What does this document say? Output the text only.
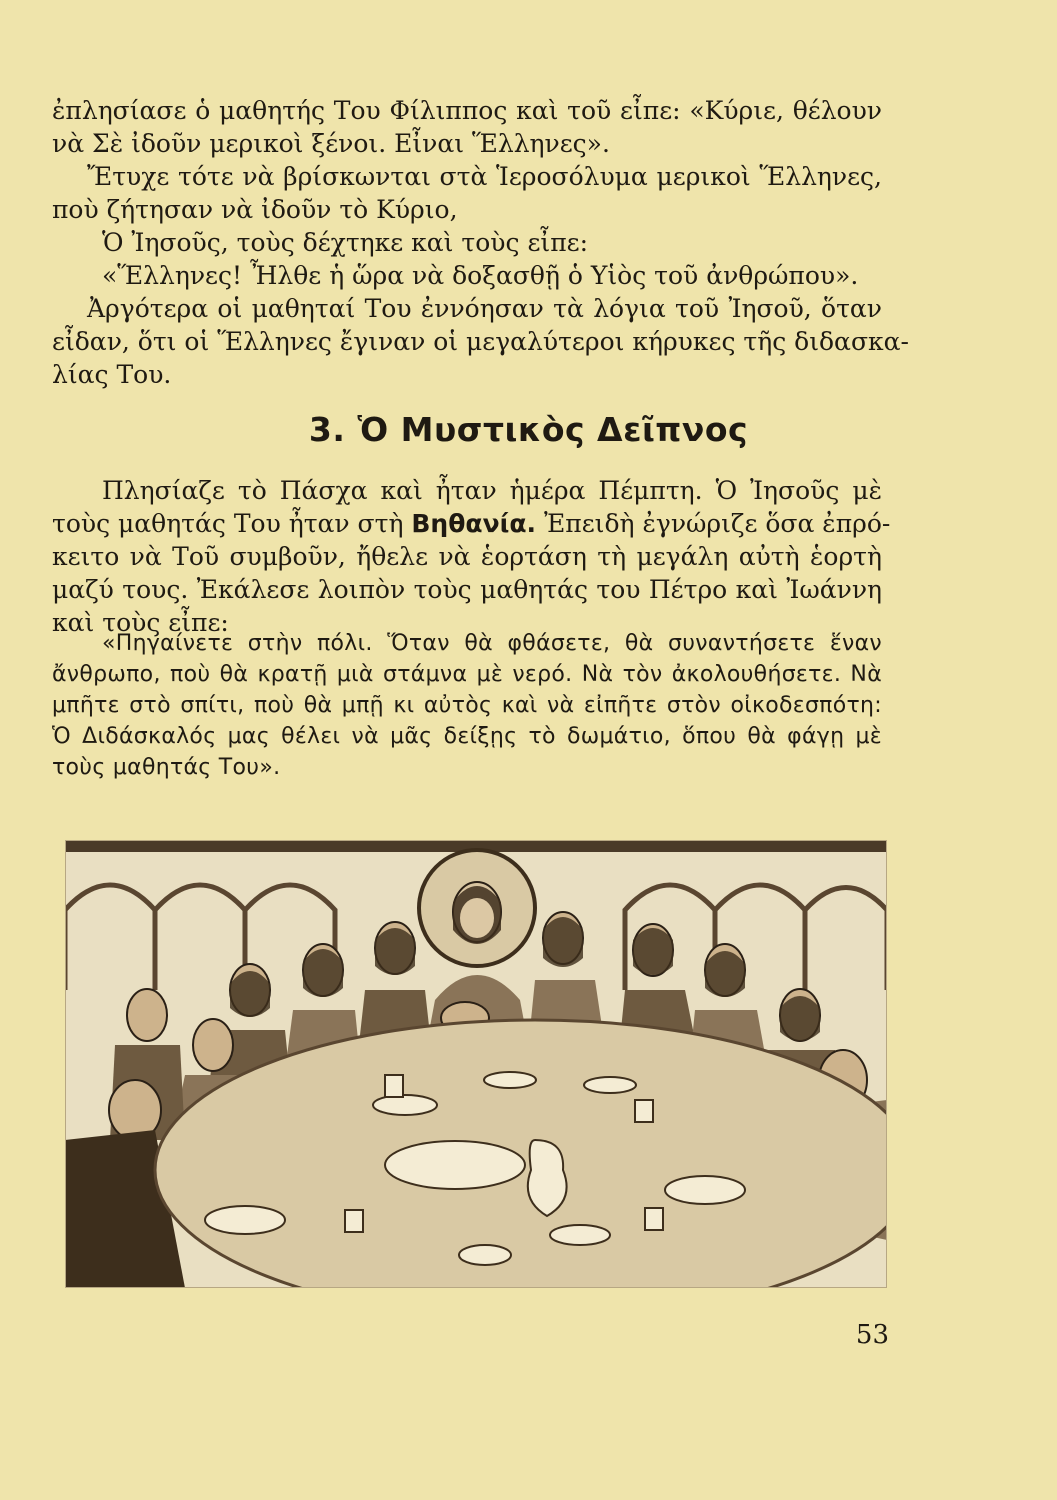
ἐπλησίασε ὁ μαθητής Του Φίλιππος καὶ τοῦ εἶπε: «Κύριε, θέλουν
νὰ Σὲ ἰδοῦν μερικοὶ ξένοι. Εἶναι Ἕλληνες».
Ἔτυχε τότε νὰ βρίσκωνται στὰ Ἱεροσόλυμα μερικοὶ Ἕλληνες,
ποὺ ζήτησαν νὰ ἰδοῦν τὸ Κύριο,
Ὁ Ἰησοῦς, τοὺς δέχτηκε καὶ τοὺς εἶπε:
«Ἕλληνες! Ἦλθε ἡ ὥρα νὰ δοξασθῇ ὁ Υἱὸς τοῦ ἀνθρώπου».
Ἀργότερα οἱ μαθηταί Του ἐννόησαν τὰ λόγια τοῦ Ἰησοῦ, ὅταν
εἶδαν, ὅτι οἱ Ἕλληνες ἔγιναν οἱ μεγαλύτεροι κήρυκες τῆς διδασκα-
λίας Του.
3. Ὁ Μυστικὸς Δεῖπνος
Πλησίαζε τὸ Πάσχα καὶ ἦταν ἡμέρα Πέμπτη. Ὁ Ἰησοῦς μὲ
τοὺς μαθητάς Του ἦταν στὴ Βηθανία. Ἐπειδὴ ἐγνώριζε ὅσα ἐπρό-
κειτο νὰ Τοῦ συμβοῦν, ἤθελε νὰ ἑορτάση τὴ μεγάλη αὐτὴ ἑορτὴ
μαζύ τους. Ἐκάλεσε λοιπὸν τοὺς μαθητάς του Πέτρο καὶ Ἰωάννη
καὶ τοὺς εἶπε:
«Πηγαίνετε στὴν πόλι. Ὅταν θὰ φθάσετε, θὰ συναντήσετε ἕναν
ἄνθρωπο, ποὺ θὰ κρατῇ μιὰ στάμνα μὲ νερό. Νὰ τὸν ἀκολουθήσετε. Νὰ
μπῆτε στὸ σπίτι, ποὺ θὰ μπῇ κι αὐτὸς καὶ νὰ εἰπῆτε στὸν οἰκοδεσπότη:
Ὁ Διδάσκαλός μας θέλει νὰ μᾶς δείξῃς τὸ δωμάτιο, ὅπου θὰ φάγῃ μὲ
τοὺς μαθητάς Του».
53
